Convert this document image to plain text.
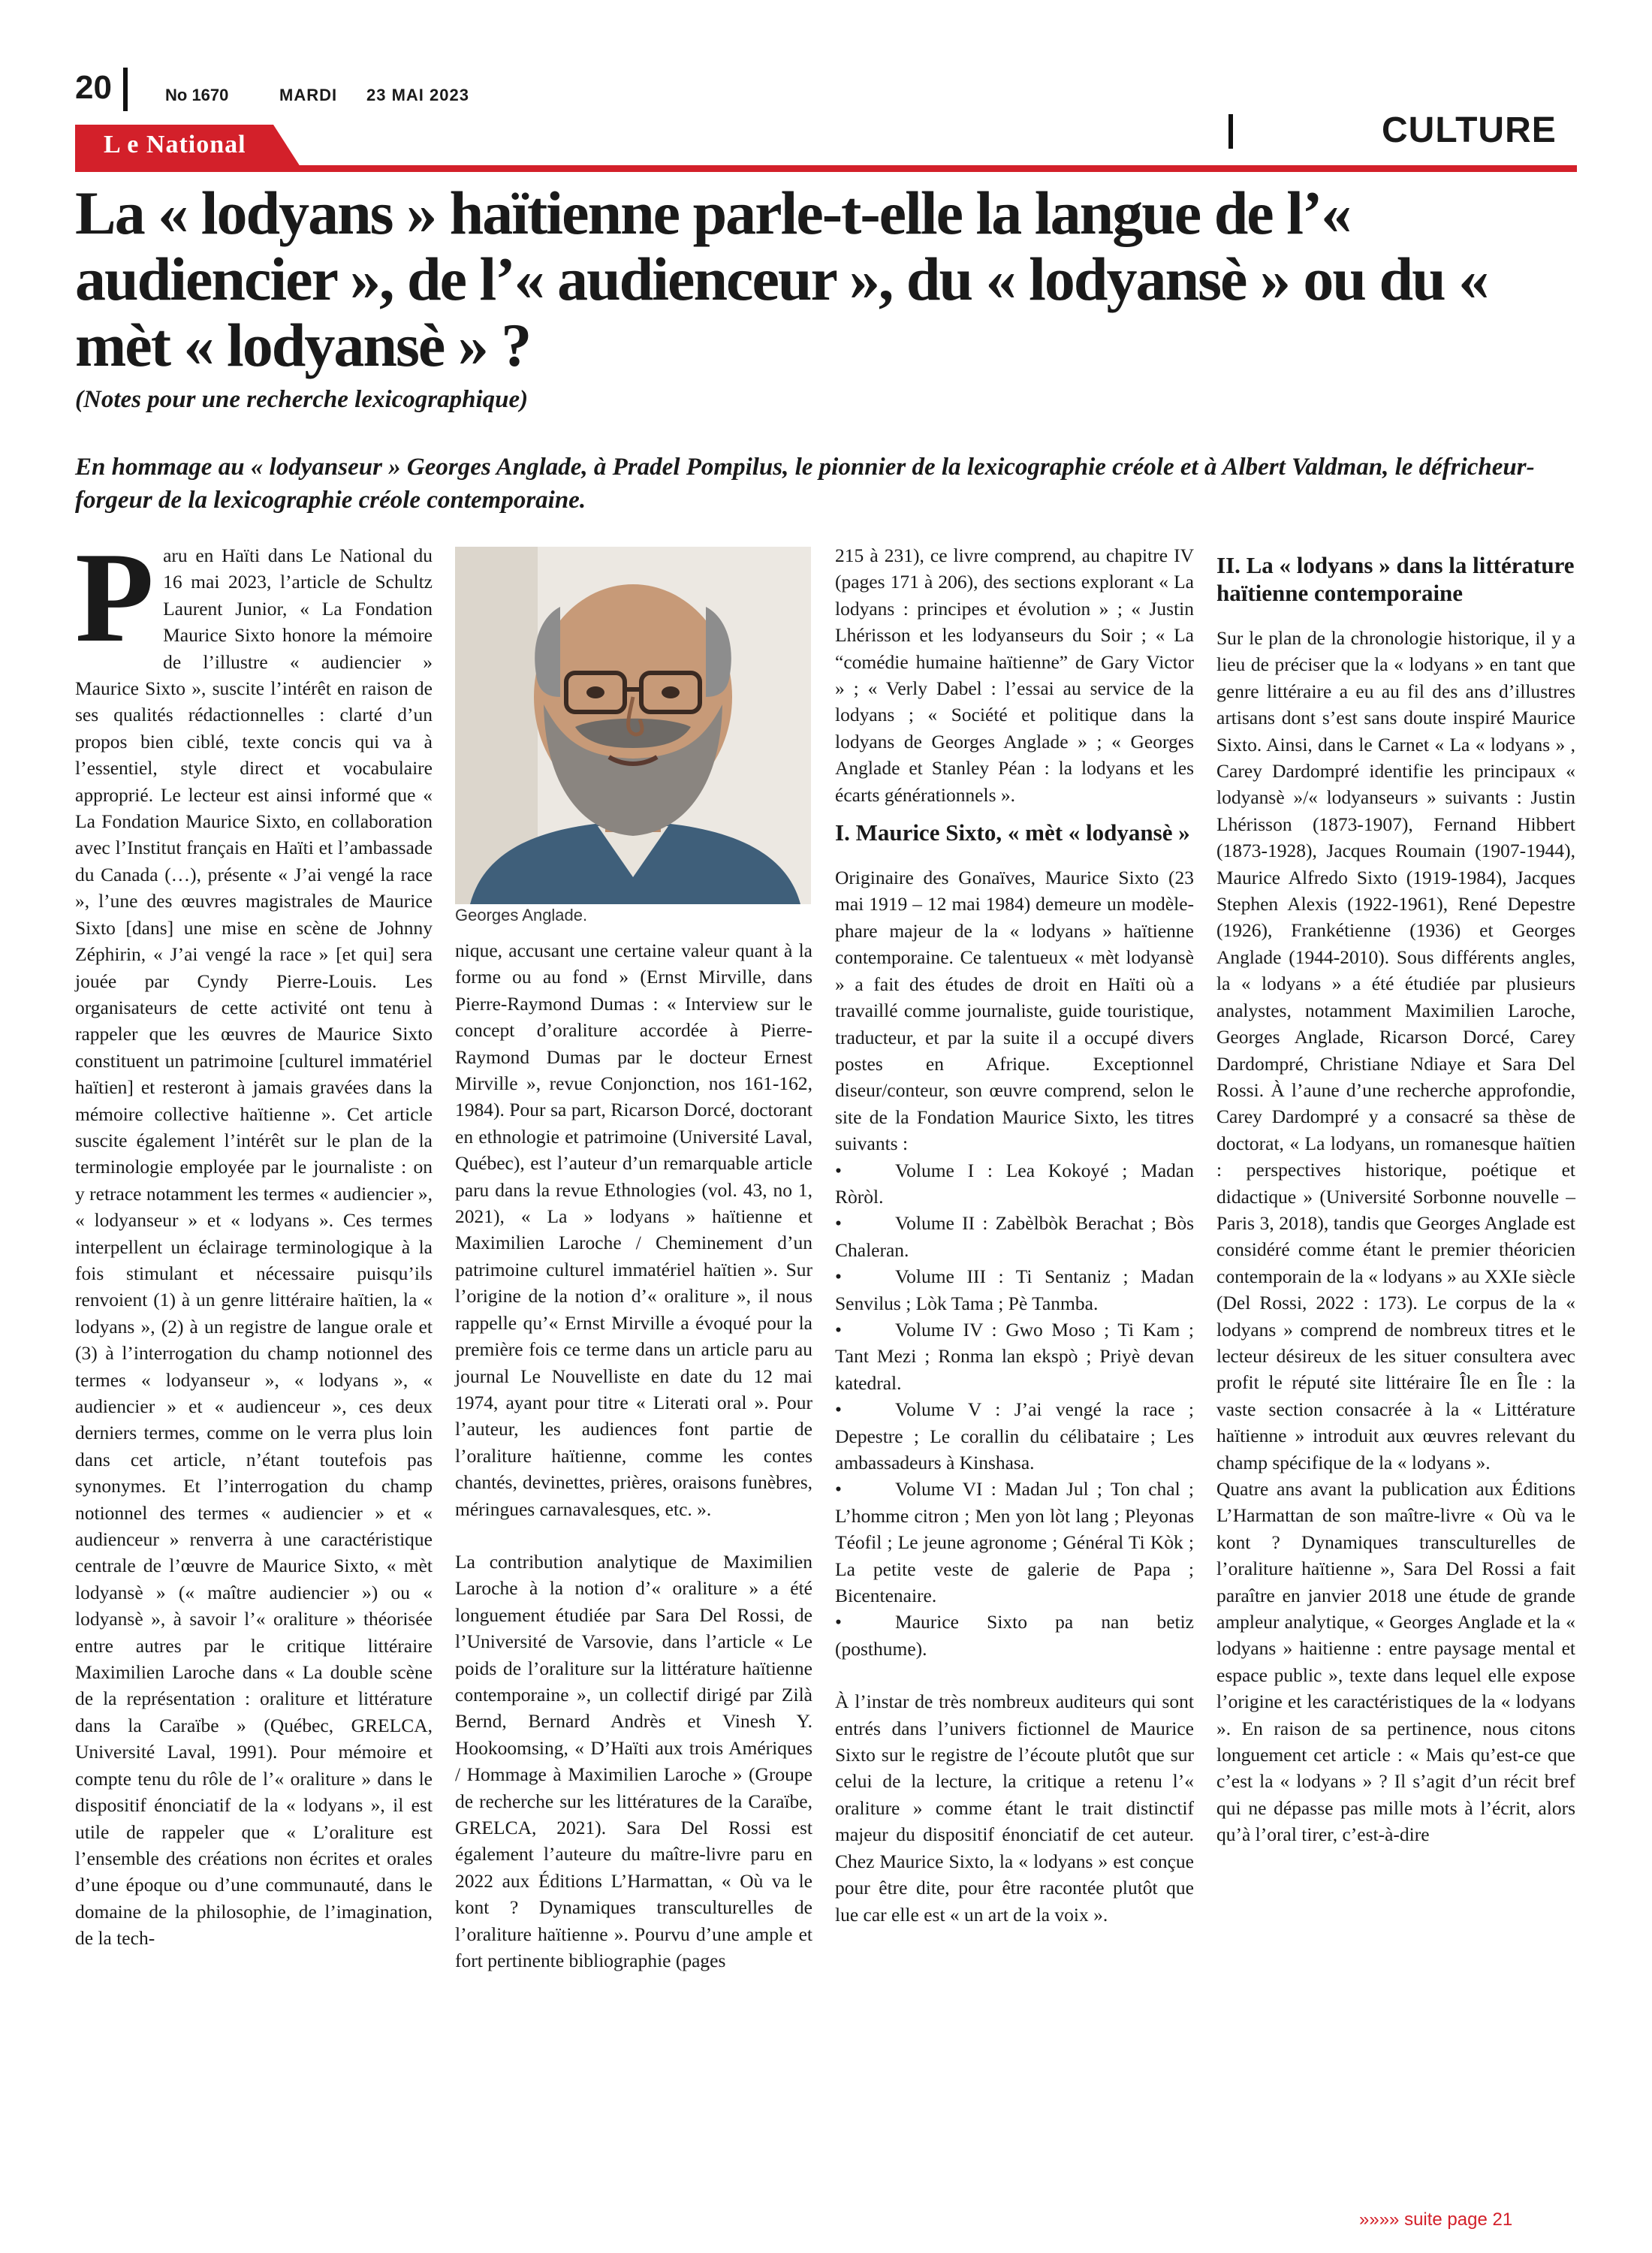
20	No 1670	MARDI 23 MAI 2023
CULTURE
L e National
La « lodyans » haïtienne parle-t-elle la langue de l’« audiencier », de l’« audienceur », du « lodyansè » ou du « mèt « lodyansè » ?
(Notes pour une recherche lexicographique)
En hommage au « lodyanseur » Georges Anglade, à Pradel Pompilus, le pionnier de la lexicographie créole et à Albert Valdman, le défricheur-forgeur de la lexicographie créole contemporaine.

Paru en Haïti dans Le National du 16 mai 2023, l’article de Schultz Laurent Junior, « La Fondation Maurice Sixto honore la mémoire de l’illustre « audiencier » Maurice Sixto », suscite l’intérêt en raison de ses qualités rédactionnelles : clarté d’un propos bien ciblé, texte concis qui va à l’essentiel, style direct et vocabulaire approprié. Le lecteur est ainsi informé que « La Fondation Maurice Sixto, en collaboration avec l’Institut français en Haïti et l’ambassade du Canada (…), présente « J’ai vengé la race », l’une des œuvres magistrales de Maurice Sixto [dans] une mise en scène de Johnny Zéphirin, « J’ai vengé la race » [et qui] sera jouée par Cyndy Pierre-Louis. Les organisateurs de cette activité ont tenu à rappeler que les œuvres de Maurice Sixto constituent un patrimoine [culturel immatériel haïtien] et resteront à jamais gravées dans la mémoire collective haïtienne ». Cet article suscite également l’intérêt sur le plan de la terminologie employée par le journaliste : on y retrace notamment les termes « audiencier », « lodyanseur » et « lodyans ». Ces termes interpellent un éclairage terminologique à la fois stimulant et nécessaire puisqu’ils renvoient (1) à un genre littéraire haïtien, la « lodyans », (2) à un registre de langue orale et (3) à l’interrogation du champ notionnel des termes « lodyanseur », « lodyans », « audiencier » et « audienceur », ces deux derniers termes, comme on le verra plus loin dans cet article, n’étant toutefois pas synonymes. Et l’interrogation du champ notionnel des termes « audiencier » et « audienceur » renverra à une caractéristique centrale de l’œuvre de Maurice Sixto, « mèt lodyansè » (« maître audiencier ») ou « lodyansè », à savoir l’« oraliture » théorisée entre autres par le critique littéraire Maximilien Laroche dans « La double scène de la représentation : oraliture et littérature dans la Caraïbe » (Québec, GRELCA, Université Laval, 1991). Pour mémoire et compte tenu du rôle de l’« oraliture » dans le dispositif énonciatif de la « lodyans », il est utile de rappeler que « L’oraliture est l’ensemble des créations non écrites et orales d’une époque ou d’une communauté, dans le domaine de la philosophie, de l’imagination, de la tech-

Georges Anglade.

nique, accusant une certaine valeur quant à la forme ou au fond » (Ernst Mirville, dans Pierre-Raymond Dumas : « Interview sur le concept d’oraliture accordée à Pierre-Raymond Dumas par le docteur Ernest Mirville », revue Conjonction, nos 161-162, 1984). Pour sa part, Ricarson Dorcé, doctorant en ethnologie et patrimoine (Université Laval, Québec), est l’auteur d’un remarquable article paru dans la revue Ethnologies (vol. 43, no 1, 2021), « La » lodyans » haïtienne et Maximilien Laroche / Cheminement d’un patrimoine culturel immatériel haïtien ». Sur l’origine de la notion d’« oraliture », il nous rappelle qu’« Ernst Mirville a évoqué pour la première fois ce terme dans un article paru au journal Le Nouvelliste en date du 12 mai 1974, ayant pour titre « Literati oral ». Pour l’auteur, les audiences font partie de l’oraliture haïtienne, comme les contes chantés, devinettes, prières, oraisons funèbres, méringues carnavalesques, etc. ».

La contribution analytique de Maximilien Laroche à la notion d’« oraliture » a été longuement étudiée par Sara Del Rossi, de l’Université de Varsovie, dans l’article « Le poids de l’oraliture sur la littérature haïtienne contemporaine », un collectif dirigé par Zilà Bernd, Bernard Andrès et Vinesh Y. Hookoomsing, « D’Haïti aux trois Amériques / Hommage à Maximilien Laroche » (Groupe de recherche sur les littératures de la Caraïbe, GRELCA, 2021). Sara Del Rossi est également l’auteure du maître-livre paru en 2022 aux Éditions L’Harmattan, « Où va le kont ? Dynamiques transculturelles de l’oraliture haïtienne ». Pourvu d’une ample et fort pertinente bibliographie (pages

215 à 231), ce livre comprend, au chapitre IV (pages 171 à 206), des sections explorant « La lodyans : principes et évolution » ; « Justin Lhérisson et les lodyanseurs du Soir ; « La “comédie humaine haïtienne” de Gary Victor » ; « Verly Dabel : l’essai au service de la lodyans ; « Société et politique dans la lodyans de Georges Anglade » ; « Georges Anglade et Stanley Péan : la lodyans et les écarts générationnels ».

I. Maurice Sixto, « mèt « lodyansè »

Originaire des Gonaïves, Maurice Sixto (23 mai 1919 – 12 mai 1984) demeure un modèle-phare majeur de la « lodyans » haïtienne contemporaine. Ce talentueux « mèt lodyansè » a fait des études de droit en Haïti où a travaillé comme journaliste, guide touristique, traducteur, et par la suite il a occupé divers postes en Afrique. Exceptionnel diseur/conteur, son œuvre comprend, selon le site de la Fondation Maurice Sixto, les titres suivants :

•	Volume I : Lea Kokoyé ; Madan Ròròl.

•	Volume II : Zabèlbòk Berachat ; Bòs Chaleran.

•	Volume III : Ti Sentaniz ; Madan Senvilus ; Lòk Tama ; Pè Tanmba.

•	Volume IV : Gwo Moso ; Ti Kam ; Tant Mezi ; Ronma lan ekspò ; Priyè devan katedral.

•	Volume V : J’ai vengé la race ; Depestre ; Le corallin du célibataire ; Les ambassadeurs à Kinshasa.

•	Volume VI : Madan Jul ; Ton chal ; L’homme citron ; Men yon lòt lang ; Pleyonas Téofil ; Le jeune agronome ; Général Ti Kòk ; La petite veste de galerie de Papa ; Bicentenaire.

•	Maurice Sixto pa nan betiz (posthume).

À l’instar de très nombreux auditeurs qui sont entrés dans l’univers fictionnel de Maurice Sixto sur le registre de l’écoute plutôt que sur celui de la lecture, la critique a retenu l’« oraliture » comme étant le trait distinctif majeur du dispositif énonciatif de cet auteur. Chez Maurice Sixto, la « lodyans » est conçue pour être dite, pour être racontée plutôt que lue car elle est « un art de la voix ».

II. La « lodyans » dans la littérature haïtienne contemporaine

Sur le plan de la chronologie historique, il y a lieu de préciser que la « lodyans » en tant que genre littéraire a eu au fil des ans d’illustres artisans dont s’est sans doute inspiré Maurice Sixto. Ainsi, dans le Carnet « La « lodyans » , Carey Dardompré identifie les principaux « lodyansè »/« lodyanseurs » suivants : Justin Lhérisson (1873-1907), Fernand Hibbert (1873-1928), Jacques Roumain (1907-1944), Maurice Alfredo Sixto (1919-1984), Jacques Stephen Alexis (1922-1961), René Depestre (1926), Frankétienne (1936) et Georges Anglade (1944-2010). Sous différents angles, la « lodyans » a été étudiée par plusieurs analystes, notamment Maximilien Laroche, Georges Anglade, Ricarson Dorcé, Carey Dardompré, Christiane Ndiaye et Sara Del Rossi. À l’aune d’une recherche approfondie, Carey Dardompré y a consacré sa thèse de doctorat, « La lodyans, un romanesque haïtien : perspectives historique, poétique et didactique » (Université Sorbonne nouvelle – Paris 3, 2018), tandis que Georges Anglade est considéré comme étant le premier théoricien contemporain de la « lodyans » au XXIe siècle (Del Rossi, 2022 : 173). Le corpus de la « lodyans » comprend de nombreux titres et le lecteur désireux de les situer consultera avec profit le réputé site littéraire Île en Île : la vaste section consacrée à la « Littérature haïtienne » introduit aux œuvres relevant du champ spécifique de la « lodyans ».

Quatre ans avant la publication aux Éditions L’Harmattan de son maître-livre « Où va le kont ? Dynamiques transculturelles de l’oraliture haïtienne », Sara Del Rossi a fait paraître en janvier 2018 une étude de grande ampleur analytique, « Georges Anglade et la « lodyans » haitienne : entre paysage mental et espace public », texte dans lequel elle expose l’origine et les caractéristiques de la « lodyans ». En raison de sa pertinence, nous citons longuement cet article : « Mais qu’est-ce que c’est la « lodyans » ? Il s’agit d’un récit bref qui ne dépasse pas mille mots à l’écrit, alors qu’à l’oral tirer, c’est-à-dire

»»»» suite page 21
